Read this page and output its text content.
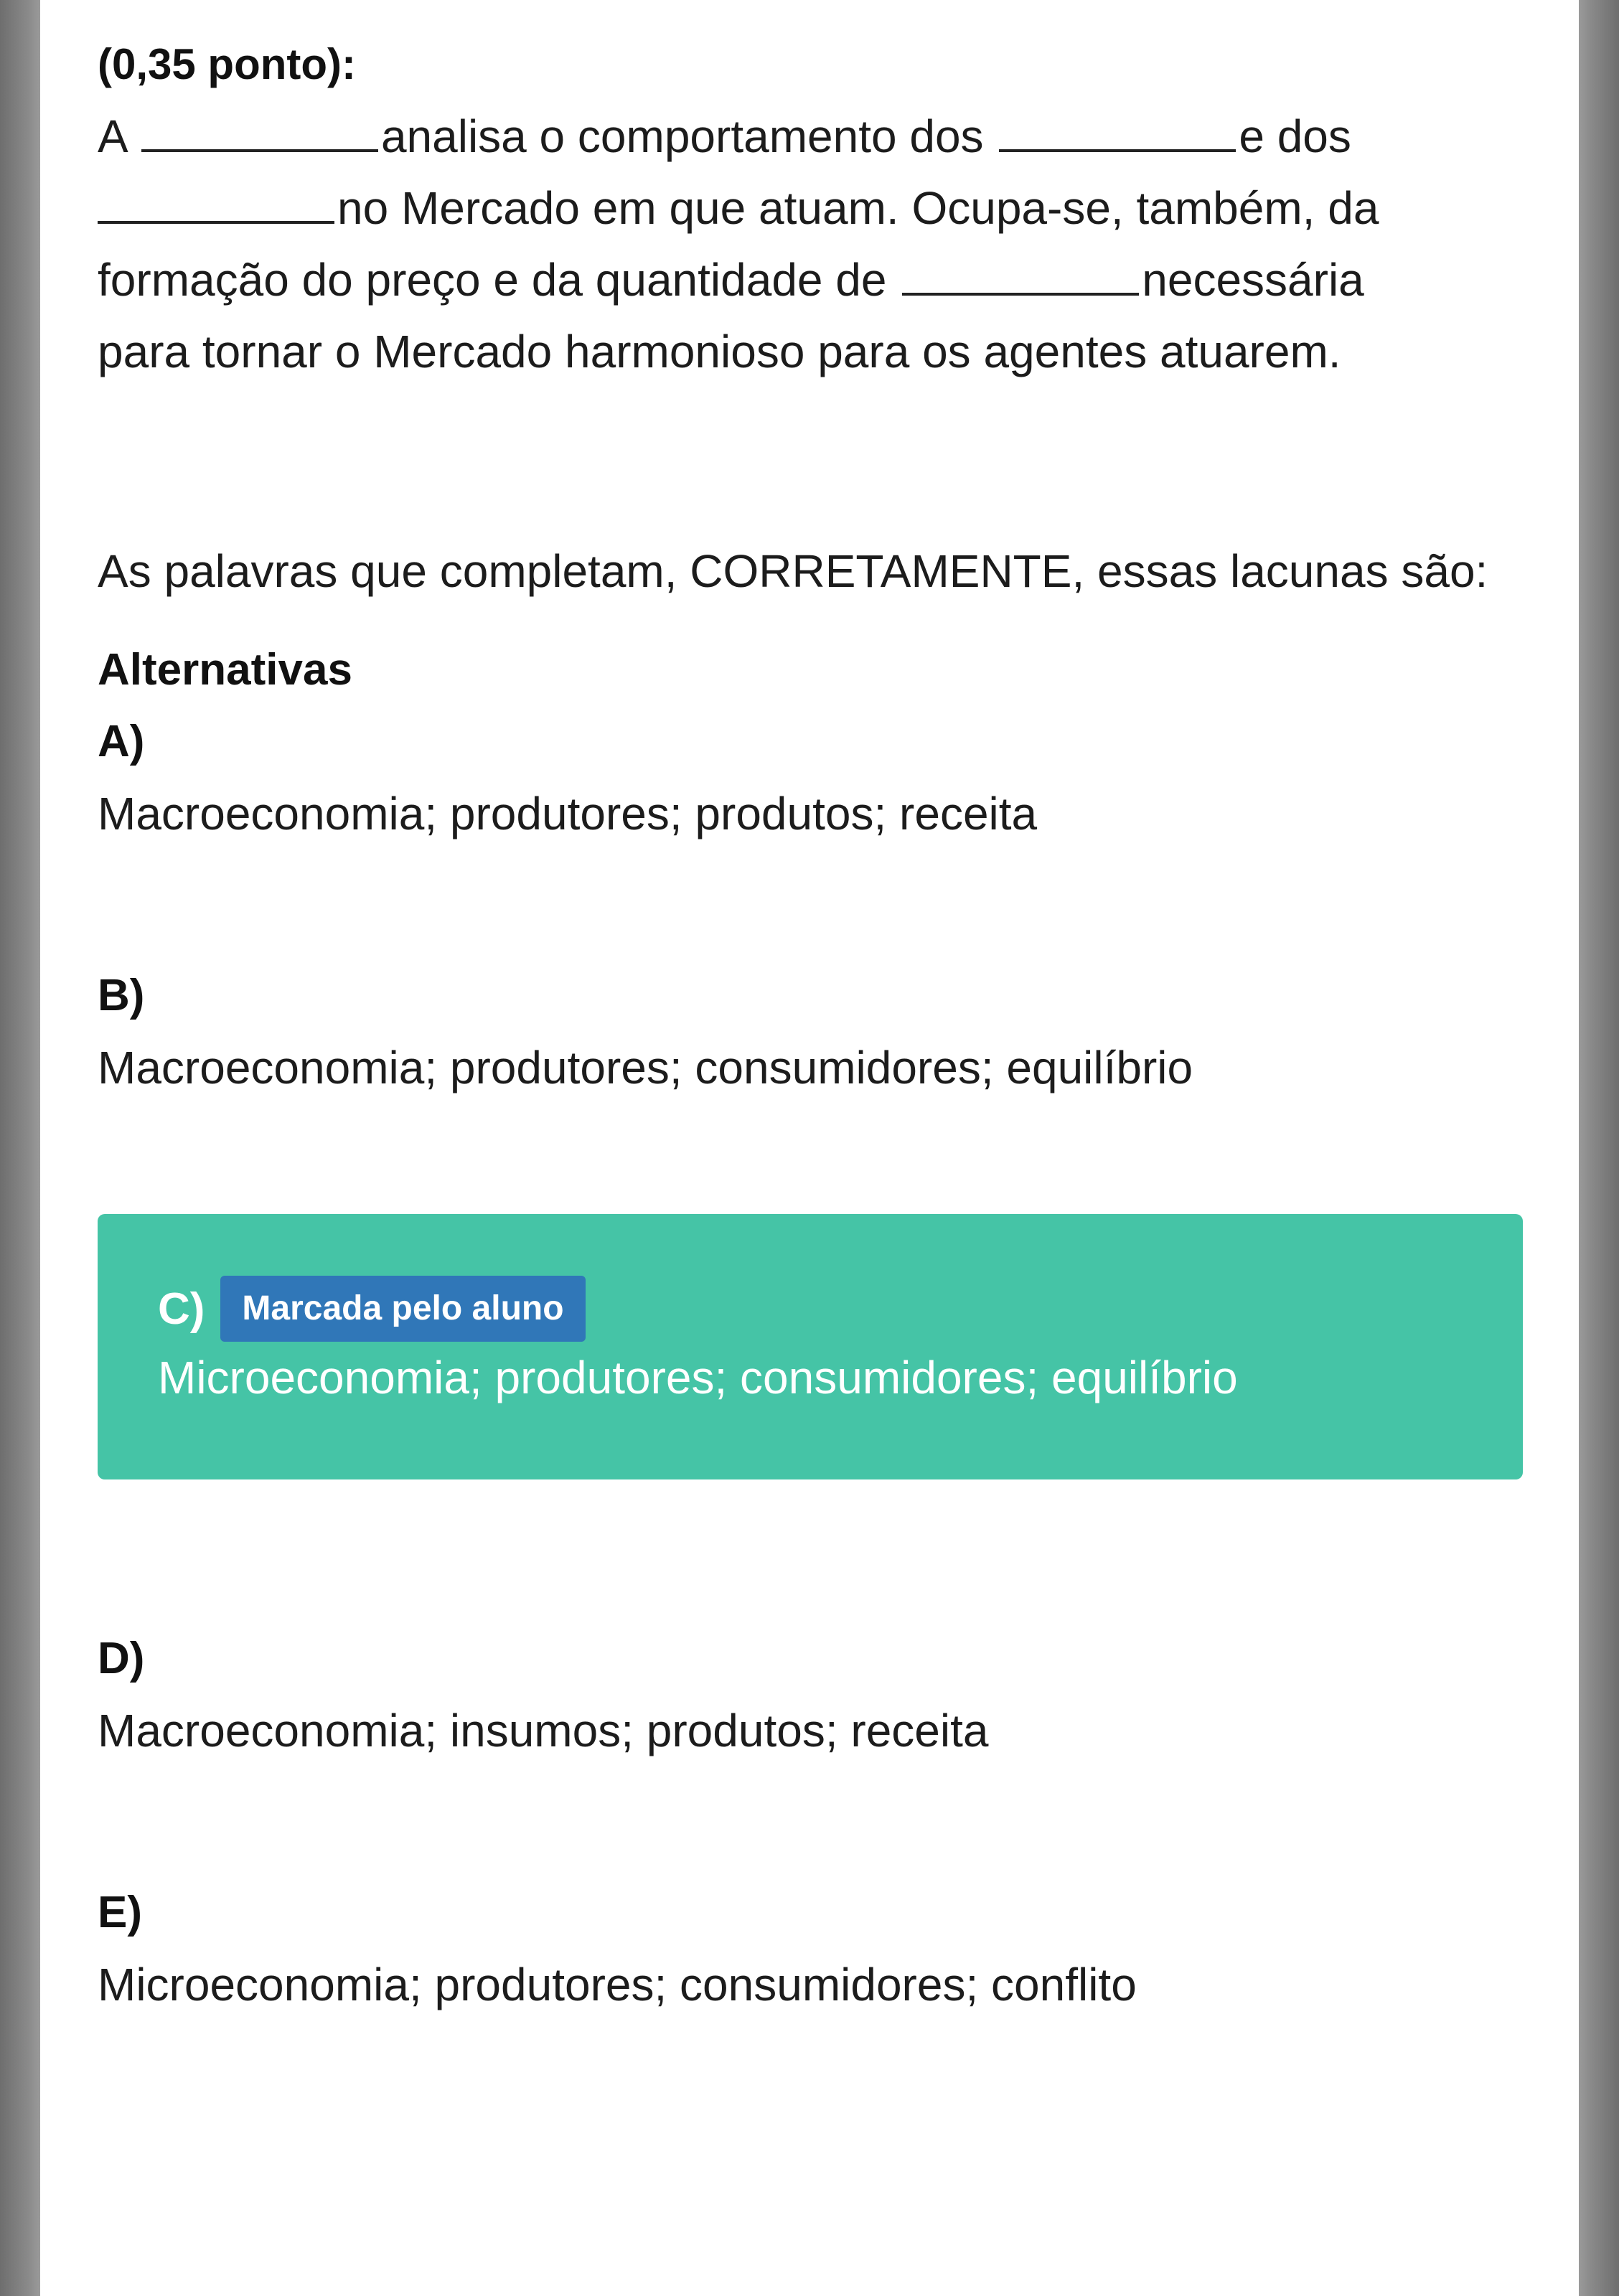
(0,35 ponto):

A	analisa o comportamento dos	e dos
no Mercado em que atuam. Ocupa-se, também, da
formação do preço e da quantidade de	necessária
para tornar o Mercado harmonioso para os agentes atuarem.

As palavras que completam, CORRETAMENTE, essas lacunas são:

Alternativas

A)
Macroeconomia; produtores; produtos; receita
B)
Macroeconomia; produtores; consumidores; equilíbrio
C)	Marcada pelo aluno
Microeconomia; produtores; consumidores; equilíbrio
D)
Macroeconomia; insumos; produtos; receita
E)
Microeconomia; produtores; consumidores; conflito
